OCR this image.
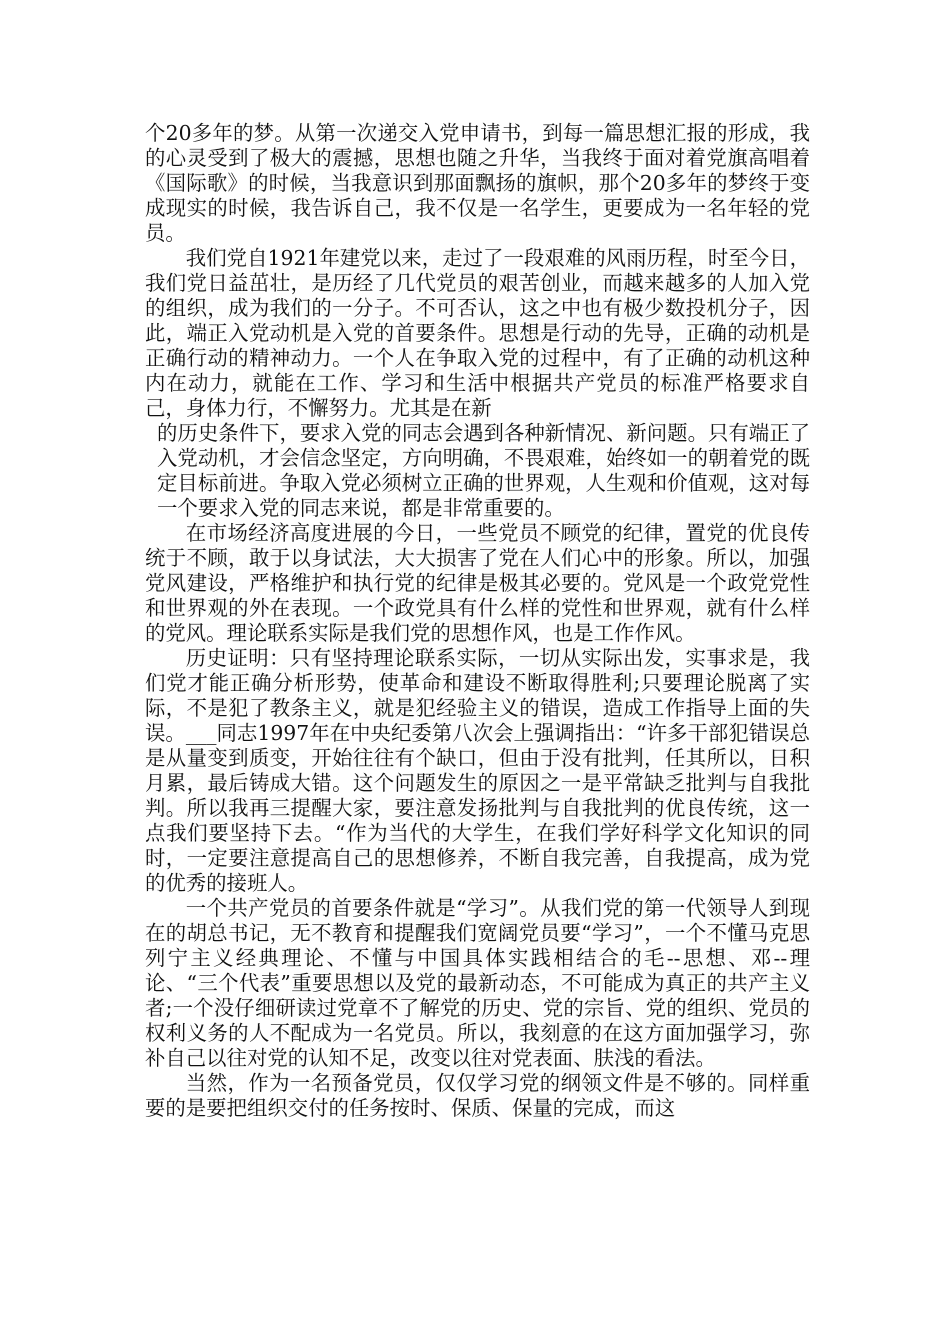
个20多年的梦。从第一次递交入党申请书，到每一篇思想汇报的形成，我的心灵受到了极大的震撼，思想也随之升华，当我终于面对着党旗高唱着《国际歌》的时候，当我意识到那面飘扬的旗帜，那个20多年的梦终于变成现实的时候，我告诉自己，我不仅是一名学生，更要成为一名年轻的党员。

我们党自1921年建党以来，走过了一段艰难的风雨历程，时至今日，我们党日益茁壮，是历经了几代党员的艰苦创业，而越来越多的人加入党的组织，成为我们的一分子。不可否认，这之中也有极少数投机分子，因此，端正入党动机是入党的首要条件。思想是行动的先导，正确的动机是正确行动的精神动力。一个人在争取入党的过程中，有了正确的动机这种内在动力，就能在工作、学习和生活中根据共产党员的标准严格要求自己，身体力行，不懈努力。尤其是在新

的历史条件下，要求入党的同志会遇到各种新情况、新问题。只有端正了入党动机，才会信念坚定，方向明确，不畏艰难，始终如一的朝着党的既定目标前进。争取入党必须树立正确的世界观，人生观和价值观，这对每一个要求入党的同志来说，都是非常重要的。

在市场经济高度进展的今日，一些党员不顾党的纪律，置党的优良传统于不顾，敢于以身试法，大大损害了党在人们心中的形象。所以，加强党风建设，严格维护和执行党的纪律是极其必要的。党风是一个政党党性和世界观的外在表现。一个政党具有什么样的党性和世界观，就有什么样的党风。理论联系实际是我们党的思想作风，也是工作作风。

历史证明：只有坚持理论联系实际，一切从实际出发，实事求是，我们党才能正确分析形势，使革命和建设不断取得胜利;只要理论脱离了实际，不是犯了教条主义，就是犯经验主义的错误，造成工作指导上面的失误。___同志1997年在中央纪委第八次会上强调指出：“许多干部犯错误总是从量变到质变，开始往往有个缺口，但由于没有批判，任其所以，日积月累，最后铸成大错。这个问题发生的原因之一是平常缺乏批判与自我批判。所以我再三提醒大家，要注意发扬批判与自我批判的优良传统，这一点我们要坚持下去。“作为当代的大学生，在我们学好科学文化知识的同时，一定要注意提高自己的思想修养，不断自我完善，自我提高，成为党的优秀的接班人。

一个共产党员的首要条件就是“学习”。从我们党的第一代领导人到现在的胡总书记，无不教育和提醒我们宽阔党员要“学习”，一个不懂马克思列宁主义经典理论、不懂与中国具体实践相结合的毛--思想、邓--理论、“三个代表”重要思想以及党的最新动态，不可能成为真正的共产主义者;一个没仔细研读过党章不了解党的历史、党的宗旨、党的组织、党员的权利义务的人不配成为一名党员。所以，我刻意的在这方面加强学习，弥补自己以往对党的认知不足，改变以往对党表面、肤浅的看法。

当然，作为一名预备党员，仅仅学习党的纲领文件是不够的。同样重要的是要把组织交付的任务按时、保质、保量的完成，而这
